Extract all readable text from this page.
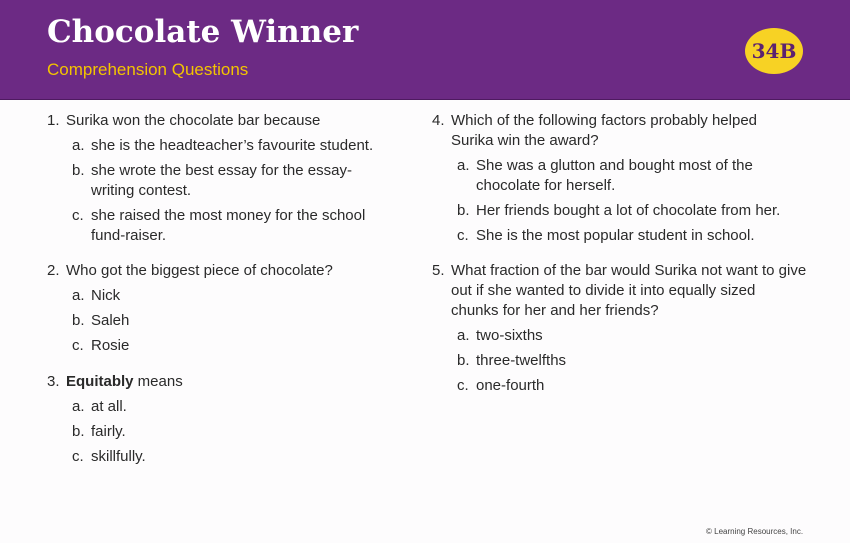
Chocolate Winner
Comprehension Questions
34B
1. Surika won the chocolate bar because
a. she is the headteacher’s favourite student.
b. she wrote the best essay for the essay-writing contest.
c. she raised the most money for the school fund-raiser.
2. Who got the biggest piece of chocolate?
a. Nick
b. Saleh
c. Rosie
3. Equitably means
a. at all.
b. fairly.
c. skillfully.
4. Which of the following factors probably helped Surika win the award?
a. She was a glutton and bought most of the chocolate for herself.
b. Her friends bought a lot of chocolate from her.
c. She is the most popular student in school.
5. What fraction of the bar would Surika not want to give out if she wanted to divide it into equally sized chunks for her and her friends?
a. two-sixths
b. three-twelfths
c. one-fourth
© Learning Resources, Inc.
